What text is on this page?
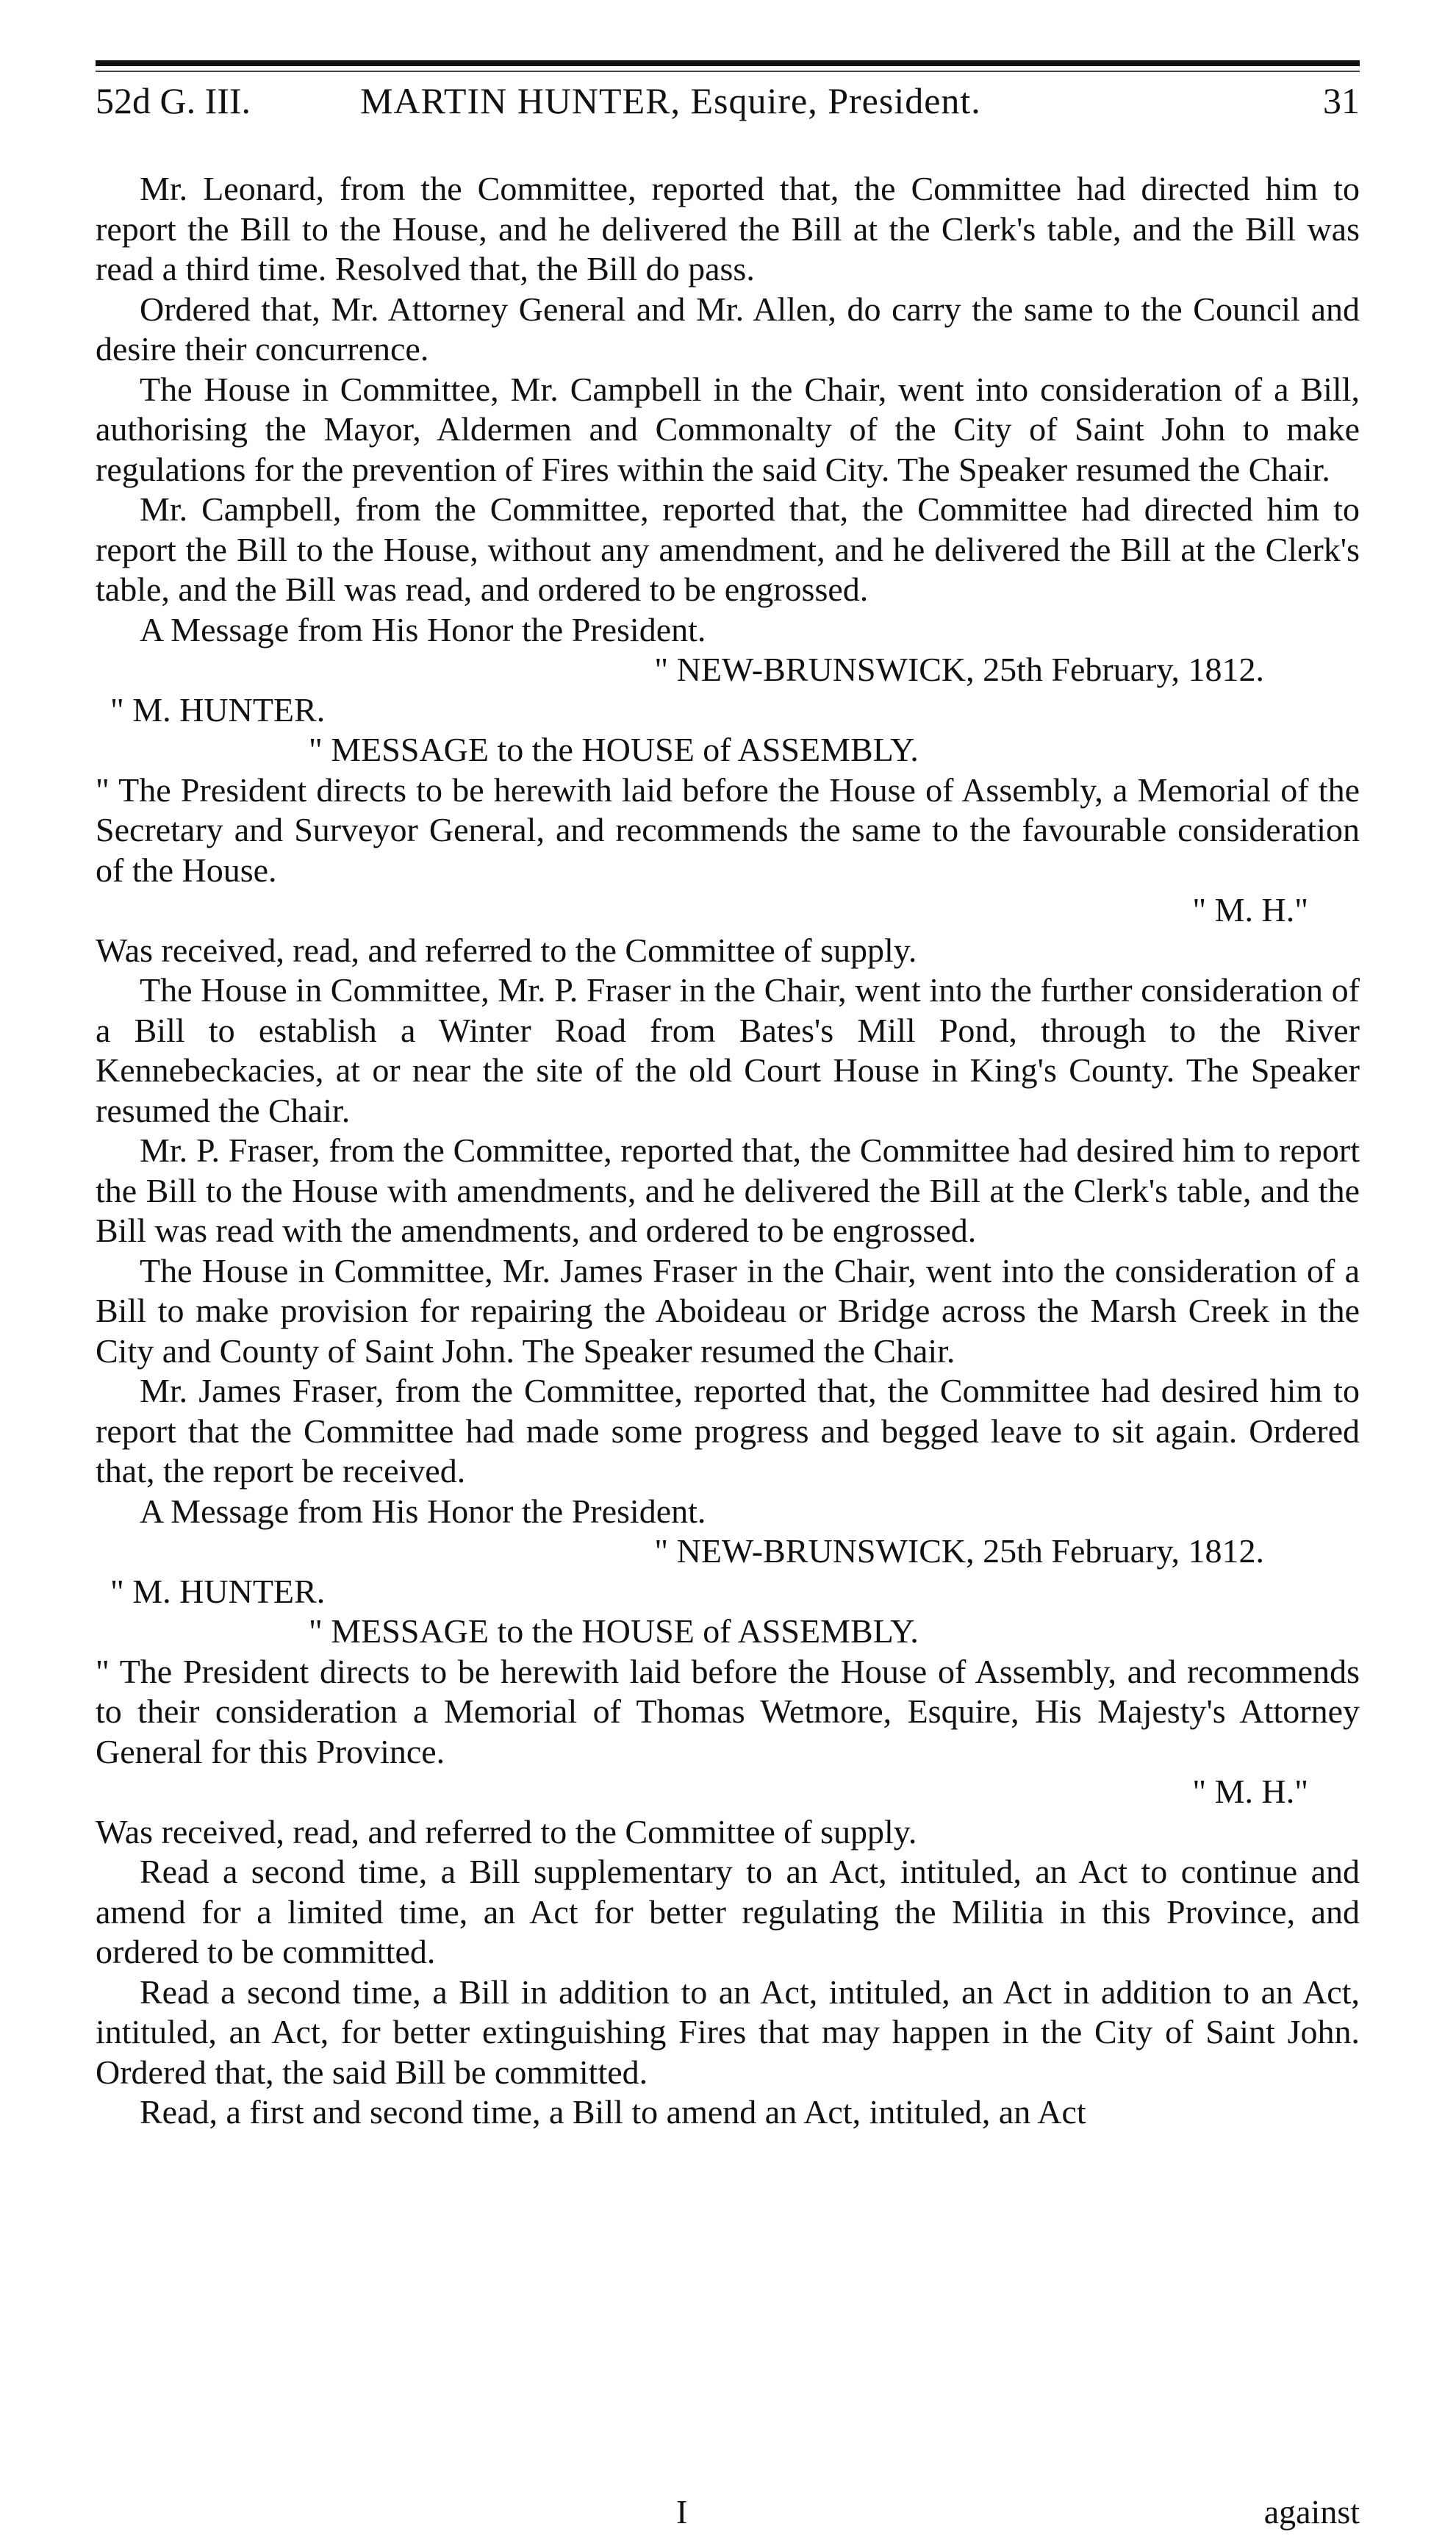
52d G. III.	MARTIN HUNTER, Esquire, President.	31

Mr. Leonard, from the Committee, reported that, the Committee had directed him to report the Bill to the House, and he delivered the Bill at the Clerk's table, and the Bill was read a third time. Resolved that, the Bill do pass.

Ordered that, Mr. Attorney General and Mr. Allen, do carry the same to the Council and desire their concurrence.

The House in Committee, Mr. Campbell in the Chair, went into consideration of a Bill, authorising the Mayor, Aldermen and Commonalty of the City of Saint John to make regulations for the prevention of Fires within the said City. The Speaker resumed the Chair.

Mr. Campbell, from the Committee, reported that, the Committee had directed him to report the Bill to the House, without any amendment, and he delivered the Bill at the Clerk's table, and the Bill was read, and ordered to be engrossed.

A Message from His Honor the President.

" NEW-BRUNSWICK, 25th February, 1812.

" M. HUNTER.

" MESSAGE to the HOUSE of ASSEMBLY.

" The President directs to be herewith laid before the House of Assembly, a Memorial of the Secretary and Surveyor General, and recommends the same to the favourable consideration of the House.

" M. H."

Was received, read, and referred to the Committee of supply.

The House in Committee, Mr. P. Fraser in the Chair, went into the further consideration of a Bill to establish a Winter Road from Bates's Mill Pond, through to the River Kennebeckacies, at or near the site of the old Court House in King's County. The Speaker resumed the Chair.

Mr. P. Fraser, from the Committee, reported that, the Committee had desired him to report the Bill to the House with amendments, and he delivered the Bill at the Clerk's table, and the Bill was read with the amendments, and ordered to be engrossed.

The House in Committee, Mr. James Fraser in the Chair, went into the consideration of a Bill to make provision for repairing the Aboideau or Bridge across the Marsh Creek in the City and County of Saint John. The Speaker resumed the Chair.

Mr. James Fraser, from the Committee, reported that, the Committee had desired him to report that the Committee had made some progress and begged leave to sit again. Ordered that, the report be received.

A Message from His Honor the President.

" NEW-BRUNSWICK, 25th February, 1812.

" M. HUNTER.

" MESSAGE to the HOUSE of ASSEMBLY.

" The President directs to be herewith laid before the House of Assembly, and recommends to their consideration a Memorial of Thomas Wetmore, Esquire, His Majesty's Attorney General for this Province.

" M. H."

Was received, read, and referred to the Committee of supply.

Read a second time, a Bill supplementary to an Act, intituled, an Act to continue and amend for a limited time, an Act for better regulating the Militia in this Province, and ordered to be committed.

Read a second time, a Bill in addition to an Act, intituled, an Act in addition to an Act, intituled, an Act, for better extinguishing Fires that may happen in the City of Saint John. Ordered that, the said Bill be committed.

Read, a first and second time, a Bill to amend an Act, intituled, an Act

I	against
